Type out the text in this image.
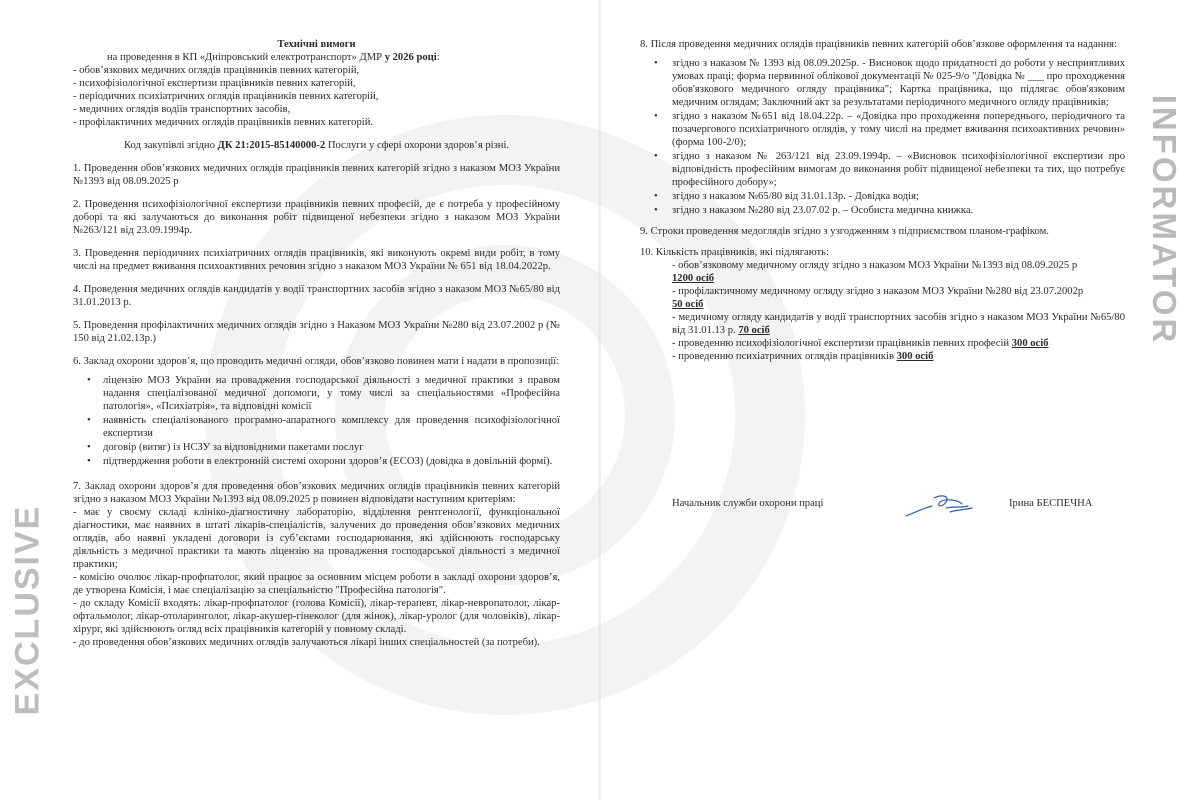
Технічні вимоги

на проведення в КП «Дніпровський електротранспорт» ДМР у 2026 році:

- обов’язкових медичних оглядів працівників певних категорій,

- психофізіологічної експертизи працівників певних категорій,

- періодичних психіатричних оглядів працівників певних категорій,

- медичних оглядів водіїв транспортних засобів,

- профілактичних медичних оглядів працівників певних категорій.

Код закупівлі згідно ДК 21:2015-85140000-2 Послуги у сфері охорони здоров’я різні.

1. Проведення обов’язкових медичних оглядів працівників певних категорій згідно з наказом МОЗ України №1393 від 08.09.2025 р

2. Проведення психофізіологічної експертизи працівників певних професій, де є потреба у професійному доборі та які залучаються до виконання робіт підвищеної небезпеки згідно з наказом МОЗ України №263/121 від 23.09.1994р.

3. Проведення періодичних психіатричних оглядів працівників, які виконують окремі види робіт, в тому числі на предмет вживання психоактивних речовин згідно з наказом МОЗ України № 651 від 18.04.2022р.

4. Проведення медичних оглядів кандидатів у водії транспортних засобів згідно з наказом МОЗ №65/80 від 31.01.2013 р.

5. Проведення профілактичних медичних оглядів згідно з Наказом МОЗ України №280 від 23.07.2002 р (№ 150 від 21.02.13р.)

6. Заклад охорони здоров’я, що проводить медичні огляди, обов’язково повинен мати і надати в пропозиції:

• ліцензію МОЗ України на провадження господарської діяльності з медичної практики з правом надання спеціалізованої медичної допомоги, у тому числі за спеціальностями «Професійна патологія», «Психіатрія», та відповідні комісії
• наявність спеціалізованого програмно-апаратного комплексу для проведення психофізіологічної експертизи
• договір (витяг) із НСЗУ за відповідними пакетами послуг
• підтвердження роботи в електронній системі охорони здоров’я (ЕСОЗ) (довідка в довільній формі).

7. Заклад охорони здоров’я для проведення обов’язкових медичних оглядів працівників певних категорій згідно з наказом МОЗ України №1393 від 08.09.2025 р повинен відповідати наступним критеріям:

- має у своєму складі клініко-діагностичну лабораторію, відділення рентгенології, функціональної діагностики, має наявних в штаті лікарів-спеціалістів, залучених до проведення обов’язкових медичних оглядів, або наявні укладені договори із суб’єктами господарювання, які здійснюють господарську діяльність з медичної практики та мають ліцензію на провадження господарської діяльності з медичної практики;

- комісію очолює лікар-профпатолог, який працює за основним місцем роботи в закладі охорони здоров’я, де утворена Комісія, і має спеціалізацію за спеціальністю "Професійна патологія".

- до складу Комісії входять: лікар-профпатолог (голова Комісії), лікар-терапевт, лікар-невропатолог, лікар-офтальмолог, лікар-отоларинголог, лікар-акушер-гінеколог (для жінок), лікар-уролог (для чоловіків), лікар-хірург, які здійснюють огляд всіх працівників категорій у повному складі.

- до проведення обов’язкових медичних оглядів залучаються лікарі інших спеціальностей (за потреби).

8. Після проведення медичних оглядів працівників певних категорій обов’язкове оформлення та надання:

• згідно з наказом № 1393 від 08.09.2025р. - Висновок щодо придатності до роботи у несприятливих умовах праці; форма первинної облікової документації № 025-9/о "Довідка № ___ про проходження обов'язкового медичного огляду працівника"; Картка працівника, що підлягає обов'язковим медичним оглядам; Заключний акт за результатами періодичного медичного огляду працівників;
• згідно з наказом №651 від 18.04.22р. – «Довідка про проходження попереднього, періодичного та позачергового психіатричного оглядів, у тому числі на предмет вживання психоактивних речовин» (форма 100-2/0);
• згідно з наказом № 263/121 від 23.09.1994р. – «Висновок психофізіологічної експертизи про відповідність професійним вимогам до виконання робіт підвищеної небезпеки та тих, що потребує професійного добору»;
• згідно з наказом №65/80 від 31.01.13р. - Довідка водія;
• згідно з наказом №280 від 23.07.02 р. – Особиста медична книжка.

9. Строки проведення медоглядів згідно з узгодженням з підприємством планом-графіком.

10. Кількість працівників, які підлягають:

- обов’язковому медичному огляду згідно з наказом МОЗ України №1393 від 08.09.2025 р
1200 осіб

- профілактичному медичному огляду згідно з наказом МОЗ України №280 від 23.07.2002р
50 осіб

- медичному огляду кандидатів у водії транспортних засобів згідно з наказом МОЗ України №65/80 від 31.01.13 р. 70 осіб

- проведенню психофізіологічної експертизи працівників певних професій 300 осіб

- проведенню психіатричних оглядів працівників 300 осіб

Начальник служби охорони праці	Ірина БЕСПЕЧНА
INFORMATOR
EXCLUSIVE
